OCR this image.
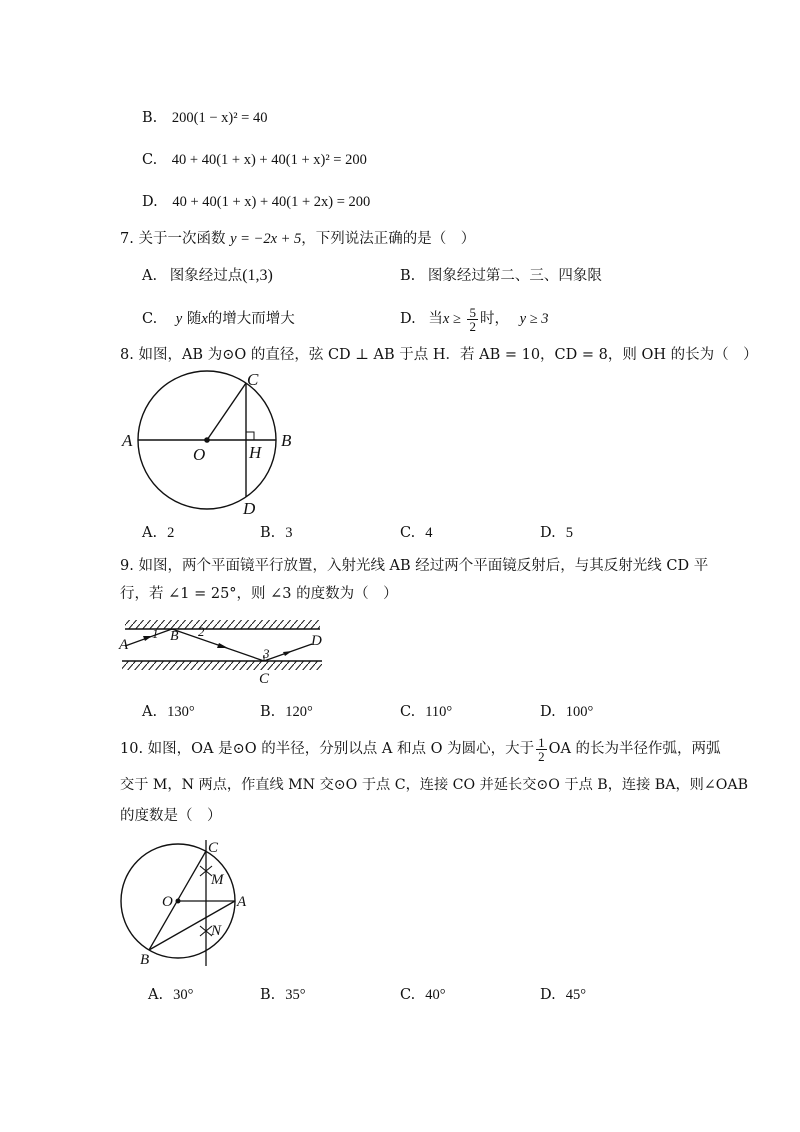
B. 200(1 − x)² = 40
C. 40 + 40(1 + x) + 40(1 + x)² = 200
D. 40 + 40(1 + x) + 40(1 + 2x) = 200
7. 关于一次函数 y = −2x + 5，下列说法正确的是（　）
A. 图象经过点(1,3)	B. 图象经过第二、三、四象限
C. y 随x的增大而增大	D. 当$x \ge \frac{5}{2}$ 时， y ≥ 3
8. 如图，AB 为⊙O 的直径，弦 CD ⊥ AB 于点 H．若 AB = 10，CD = 8，则 OH 的长为（　）
A	B
C
D
O	H
A. 2	B. 3	C. 4	D. 5
9. 如图，两个平面镜平行放置，入射光线 AB 经过两个平面镜反射后，与其反射光线 CD 平
行，若 ∠1 = 25°，则 ∠3 的度数为（　）
A
B	D
C
1	2
3
A. 130°	B. 120°	C. 110°	D. 100°
10. 如图，OA 是⊙O 的半径，分别以点 A 和点 O 为圆心，大于 $\frac{1}{2}$ OA 的长为半径作弧，两弧
交于 M，N 两点，作直线 MN 交⊙O 于点 C，连接 CO 并延长交⊙O 于点 B，连接 BA，则∠OAB
的度数是（　）
C
M
O	A
N
B
A. 30°	B. 35°	C. 40°	D. 45°
